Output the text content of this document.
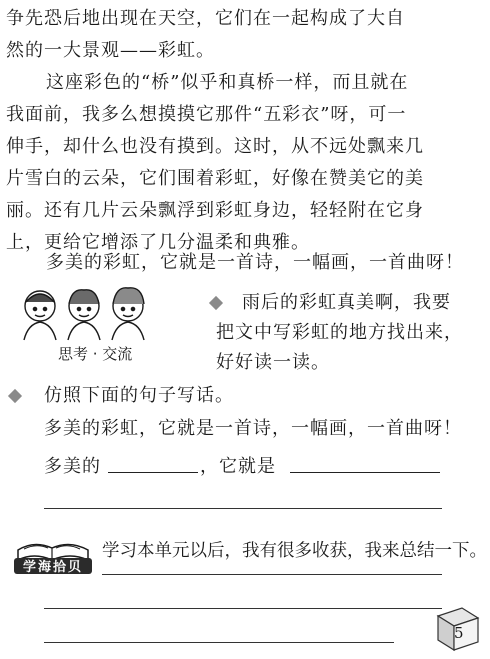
争先恐后地出现在天空，它们在一起构成了大自
然的一大景观——彩虹。
这座彩色的“桥”似乎和真桥一样，而且就在
我面前，我多么想摸摸它那件“五彩衣”呀，可一
伸手，却什么也没有摸到。这时，从不远处飘来几
片雪白的云朵，它们围着彩虹，好像在赞美它的美
丽。还有几片云朵飘浮到彩虹身边，轻轻附在它身
上，更给它增添了几分温柔和典雅。
多美的彩虹，它就是一首诗，一幅画，一首曲呀！
思考 · 交流
雨后的彩虹真美啊，我要
把文中写彩虹的地方找出来，
好好读一读。
仿照下面的句子写话。
多美的彩虹，它就是一首诗，一幅画，一首曲呀！
多美的	，它就是
学海拾贝
学习本单元以后，我有很多收获，我来总结一下。
5
